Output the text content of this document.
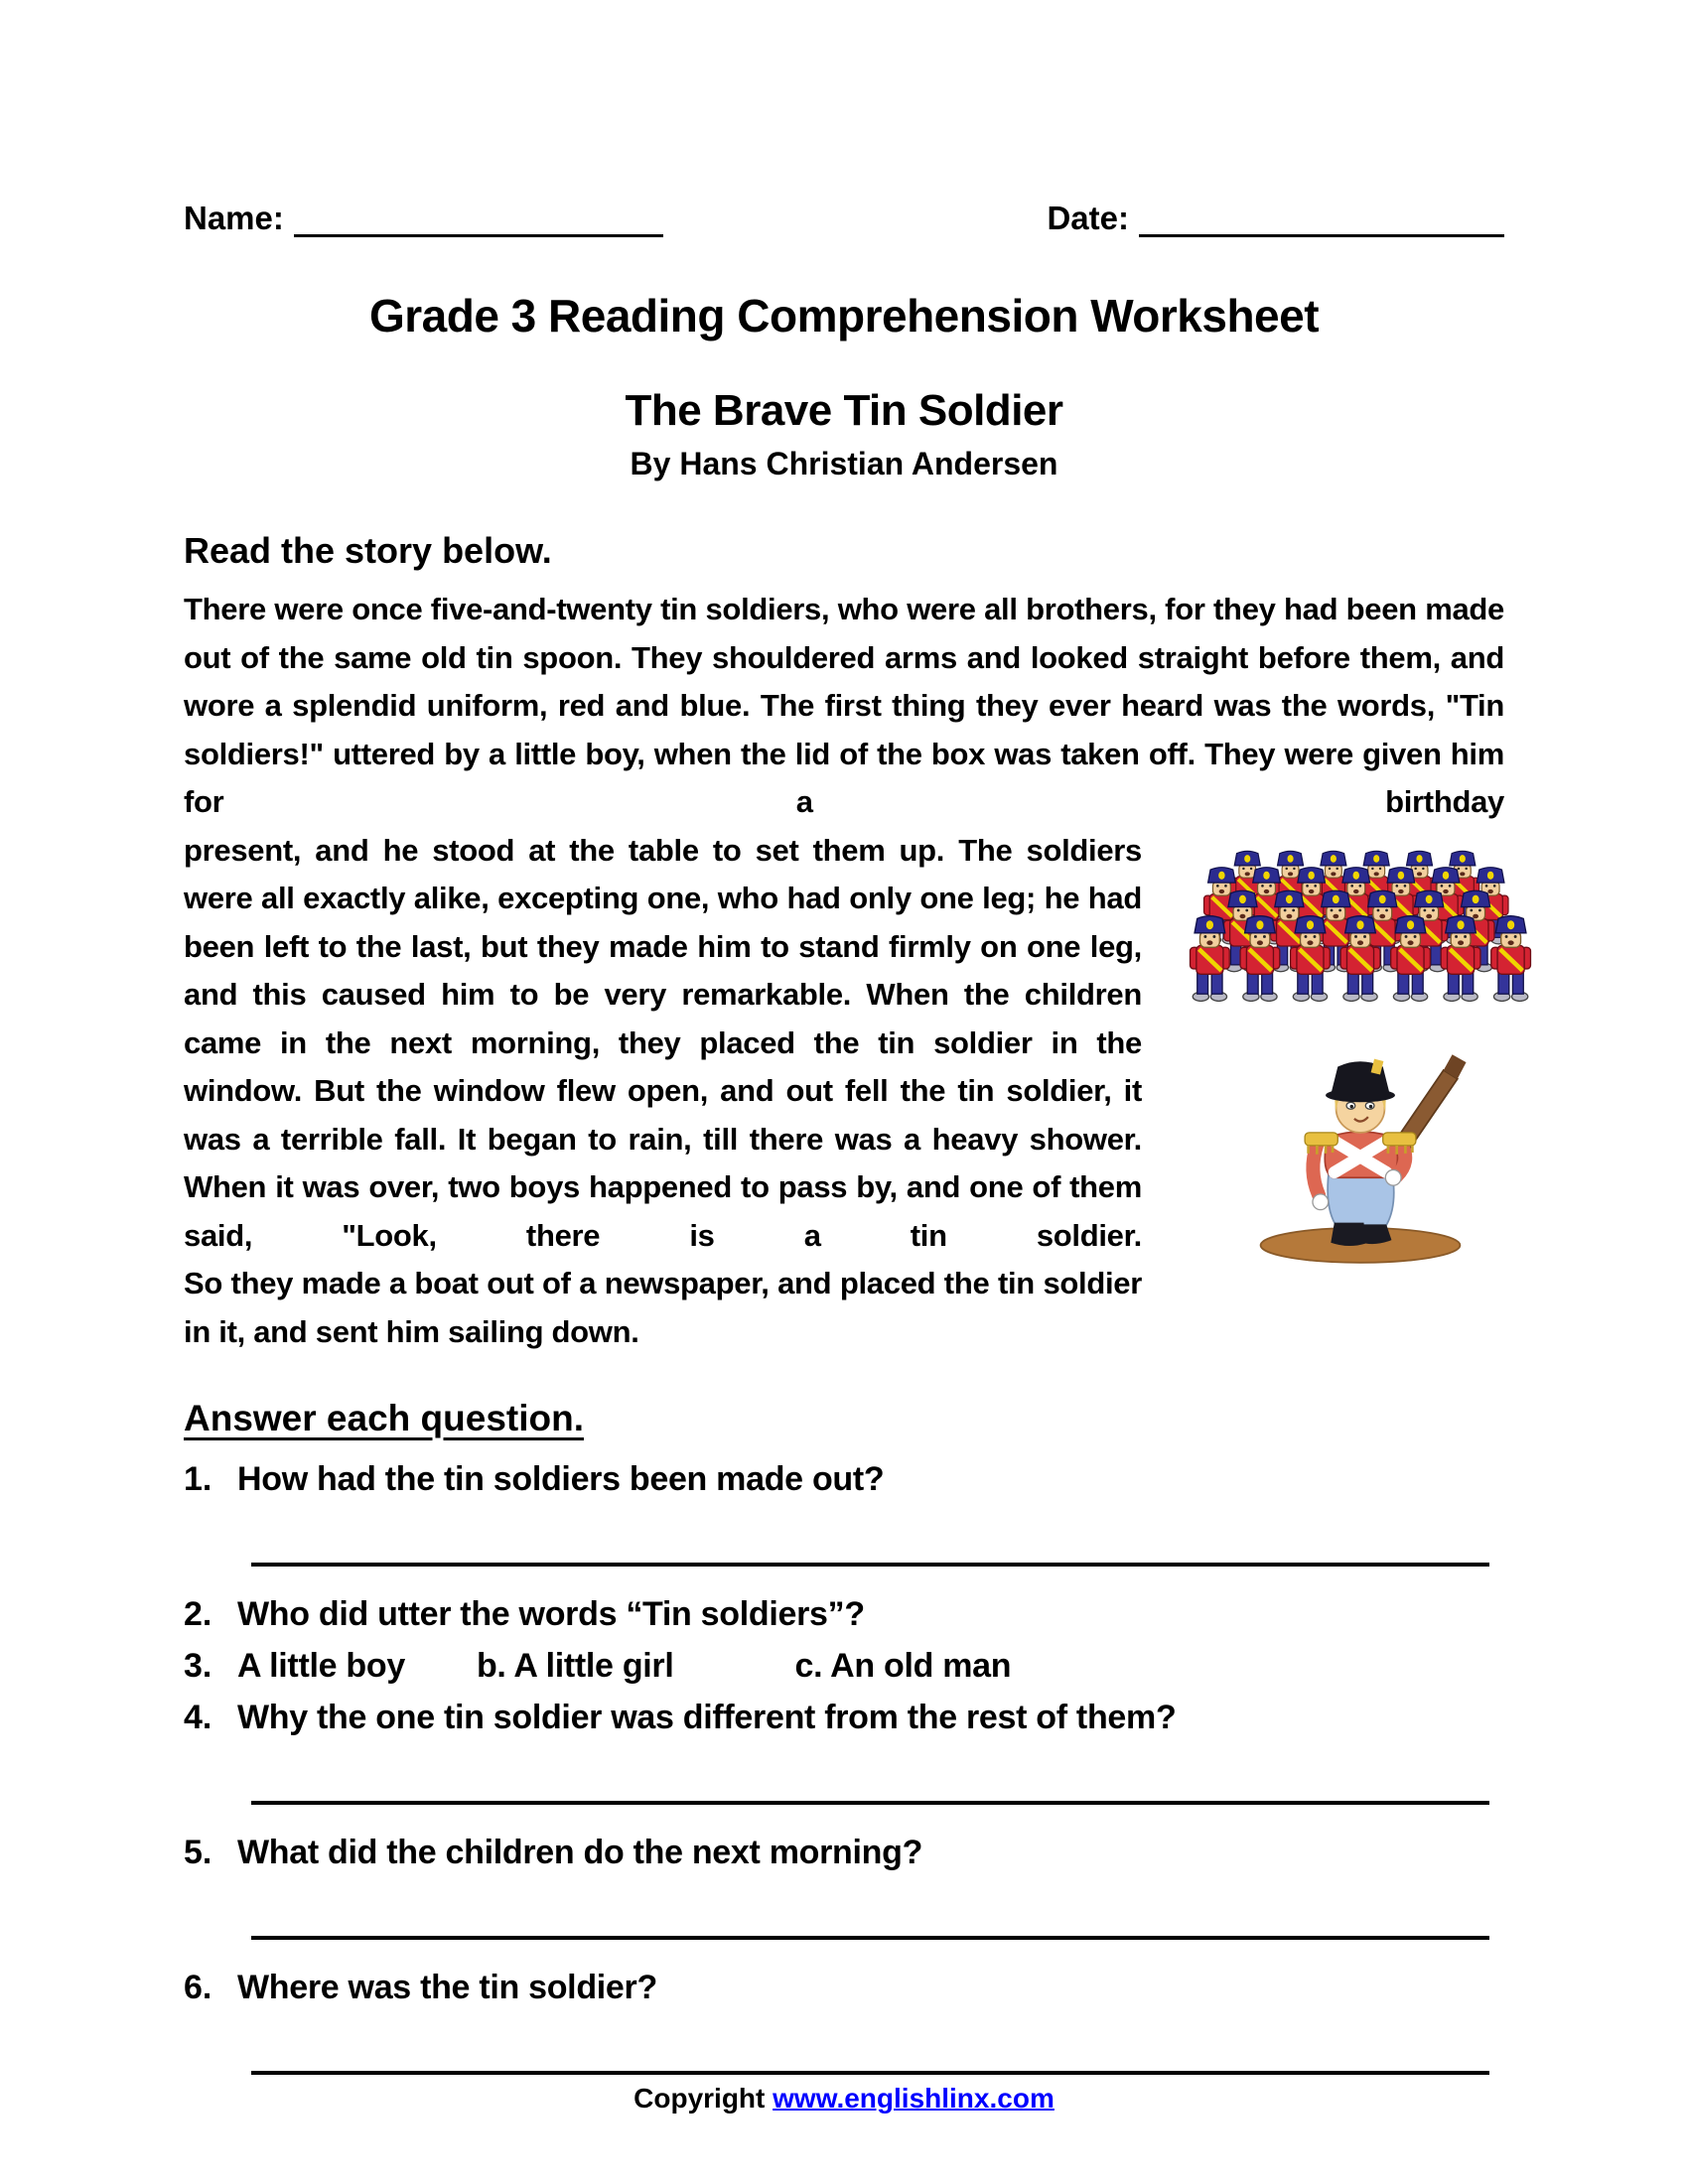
Name:	Date:
Grade 3 Reading Comprehension Worksheet
The Brave Tin Soldier
By Hans Christian Andersen
Read the story below.

There were once five-and-twenty tin soldiers, who were all brothers, for they had been made out of the same old tin spoon. They shouldered arms and looked straight before them, and wore a splendid uniform, red and blue. The first thing they ever heard was the words, "Tin soldiers!" uttered by a little boy, when the lid of the box was taken off. They were given him for a birthday

present, and he stood at the table to set them up. The soldiers were all exactly alike, excepting one, who had only one leg; he had been left to the last, but they made him to stand firmly on one leg, and this caused him to be very remarkable. When the children came in the next morning, they placed the tin soldier in the window. But the window flew open, and out fell the tin soldier, it was a terrible fall. It began to rain, till there was a heavy shower. When it was over, two boys happened to pass by, and one of them said, "Look, there is a tin soldier.

So they made a boat out of a newspaper, and placed the tin soldier in it, and sent him sailing down.

Answer each question.
1. How had the tin soldiers been made out?
2. Who did utter the words “Tin soldiers”?
3. A little boy b. A little girl	c. An old man
4. Why the one tin soldier was different from the rest of them?
5. What did the children do the next morning?
6. Where was the tin soldier?
Copyright www.englishlinx.com
